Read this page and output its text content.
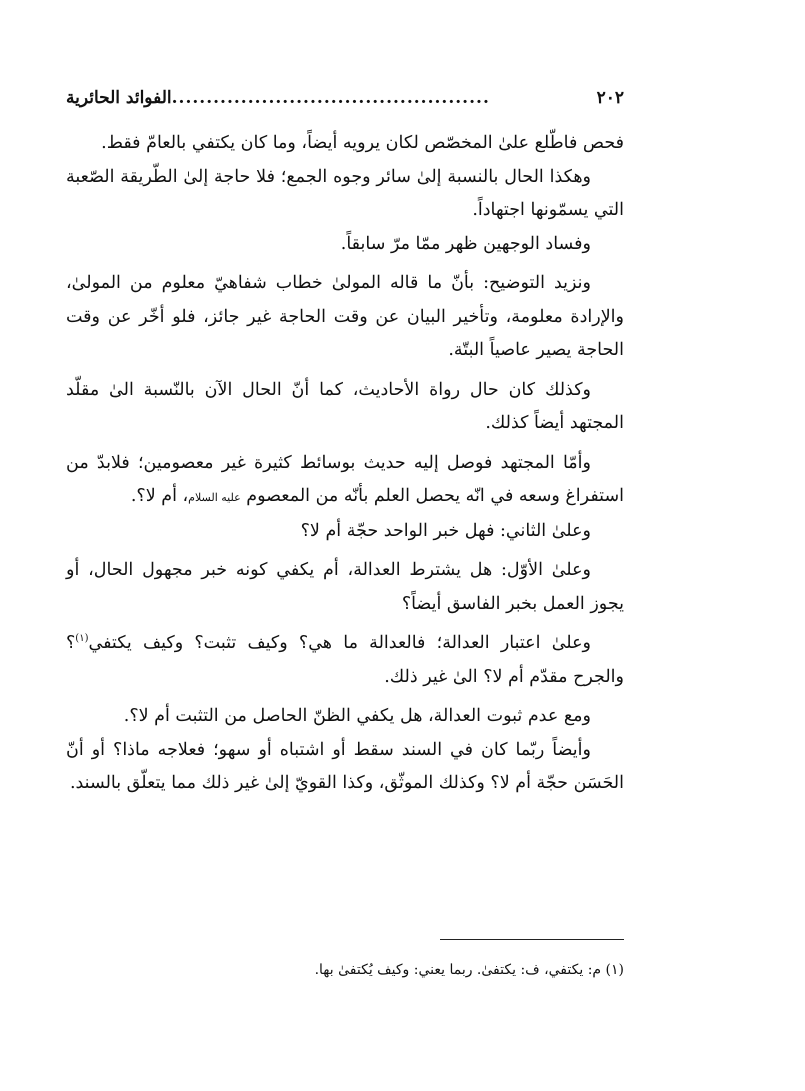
٢٠٢
..............................................
الفوائد الحائرية

فحص فاطّلع علىٰ المخصّص لكان يرويه أيضاً، وما كان يكتفي بالعامّ فقط.

وهكذا الحال بالنسبة إلىٰ سائر وجوه الجمع؛ فلا حاجة إلىٰ الطّريقة الصّعبة التي يسمّونها اجتهاداً.

وفساد الوجهين ظهر ممّا مرّ سابقاً.

ونزيد التوضيح: بأنّ ما قاله المولىٰ خطاب شفاهيّ معلوم من المولىٰ، والإرادة معلومة، وتأخير البيان عن وقت الحاجة غير جائز، فلو أخّر عن وقت الحاجة يصير عاصياً البتّة.

وكذلك كان حال رواة الأحاديث، كما أنّ الحال الآن بالنّسبة الىٰ مقلّد المجتهد أيضاً كذلك.

وأمّا المجتهد فوصل إليه حديث بوسائط كثيرة غير معصومين؛ فلابدّ من استفراغ وسعه في انّه يحصل العلم بأنّه من المعصوم عليه السلام، أم لا؟.

وعلىٰ الثاني: فهل خبر الواحد حجّة أم لا؟

وعلىٰ الأوّل: هل يشترط العدالة، أم يكفي كونه خبر مجهول الحال، أو يجوز العمل بخبر الفاسق أيضاً؟

وعلىٰ اعتبار العدالة؛ فالعدالة ما هي؟ وكيف تثبت؟ وكيف يكتفي$^{(١)}$؟ والجرح مقدّم أم لا؟ الىٰ غير ذلك.

ومع عدم ثبوت العدالة، هل يكفي الظنّ الحاصل من التثبت أم لا؟.

وأيضاً ربّما كان في السند سقط أو اشتباه أو سهو؛ فعلاجه ماذا؟ أو أنّ الحَسَن حجّة أم لا؟ وكذلك الموثّق، وكذا القويّ إلىٰ غير ذلك مما يتعلّق بالسند.

(١) م: يكتفي، ف: يكتفىٰ. ربما يعني: وكيف يُكتفىٰ بها.
